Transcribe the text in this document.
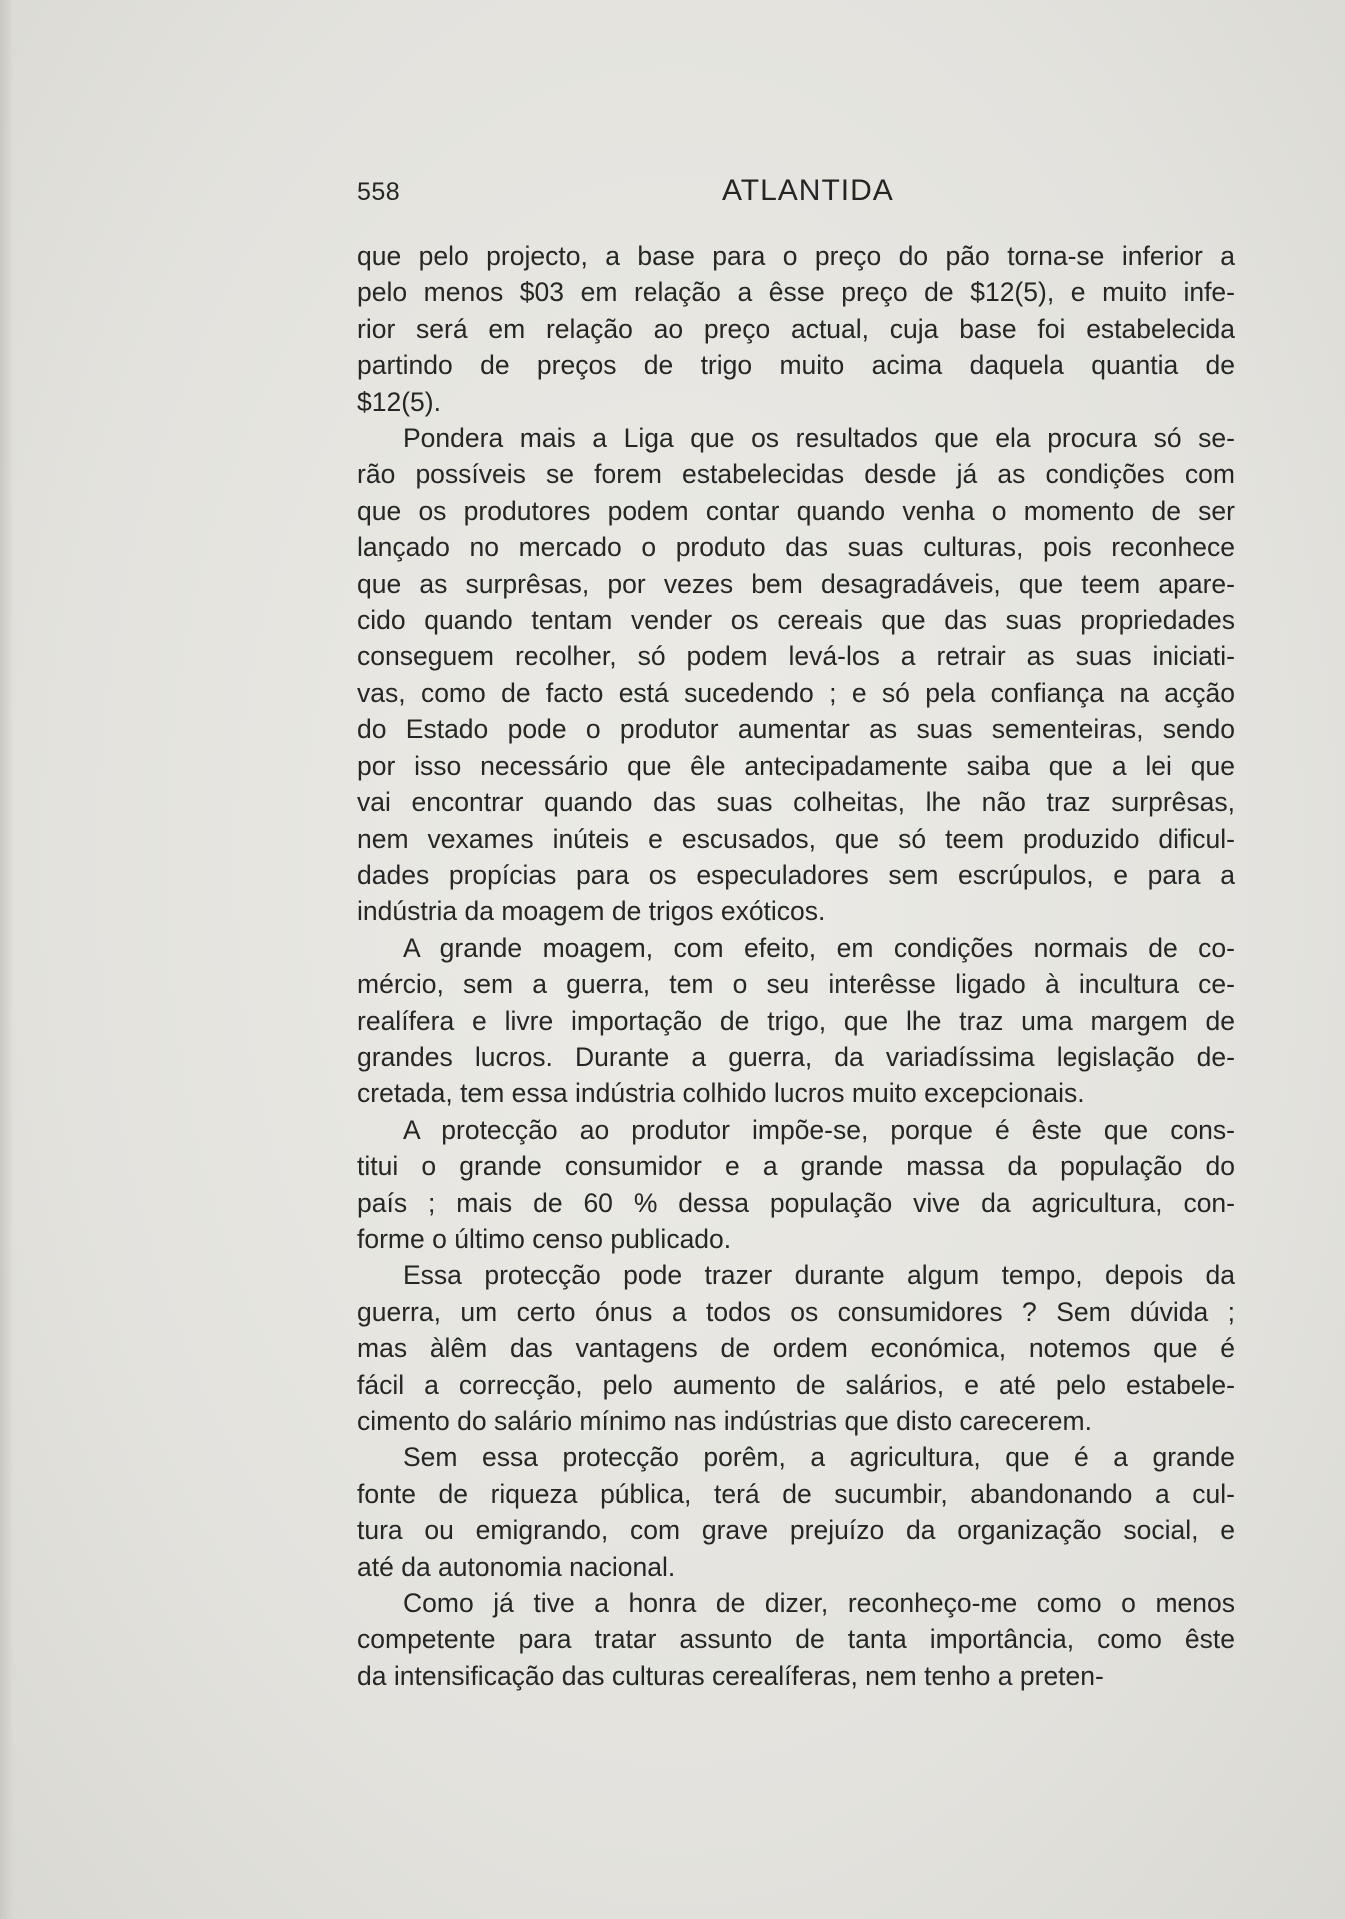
558	ATLANTIDA
que pelo projecto, a base para o preço do pão torna-se inferior a
pelo menos $03 em relação a êsse preço de $12(5), e muito infe-
rior será em relação ao preço actual, cuja base foi estabelecida
partindo de preços de trigo muito acima daquela quantia de
$12(5).
Pondera mais a Liga que os resultados que ela procura só se-
rão possíveis se forem estabelecidas desde já as condições com
que os produtores podem contar quando venha o momento de ser
lançado no mercado o produto das suas culturas, pois reconhece
que as surprêsas, por vezes bem desagradáveis, que teem apare-
cido quando tentam vender os cereais que das suas propriedades
conseguem recolher, só podem levá-los a retrair as suas iniciati-
vas, como de facto está sucedendo ; e só pela confiança na acção
do Estado pode o produtor aumentar as suas sementeiras, sendo
por isso necessário que êle antecipadamente saiba que a lei que
vai encontrar quando das suas colheitas, lhe não traz surprêsas,
nem vexames inúteis e escusados, que só teem produzido dificul-
dades propícias para os especuladores sem escrúpulos, e para a
indústria da moagem de trigos exóticos.
A grande moagem, com efeito, em condições normais de co-
mércio, sem a guerra, tem o seu interêsse ligado à incultura ce-
realífera e livre importação de trigo, que lhe traz uma margem de
grandes lucros. Durante a guerra, da variadíssima legislação de-
cretada, tem essa indústria colhido lucros muito excepcionais.
A protecção ao produtor impõe-se, porque é êste que cons-
titui o grande consumidor e a grande massa da população do
país ; mais de 60 % dessa população vive da agricultura, con-
forme o último censo publicado.
Essa protecção pode trazer durante algum tempo, depois da
guerra, um certo ónus a todos os consumidores ? Sem dúvida ;
mas àlêm das vantagens de ordem económica, notemos que é
fácil a correcção, pelo aumento de salários, e até pelo estabele-
cimento do salário mínimo nas indústrias que disto carecerem.
Sem essa protecção porêm, a agricultura, que é a grande
fonte de riqueza pública, terá de sucumbir, abandonando a cul-
tura ou emigrando, com grave prejuízo da organização social, e
até da autonomia nacional.
Como já tive a honra de dizer, reconheço-me como o menos
competente para tratar assunto de tanta importância, como êste
da intensificação das culturas cerealíferas, nem tenho a preten-
